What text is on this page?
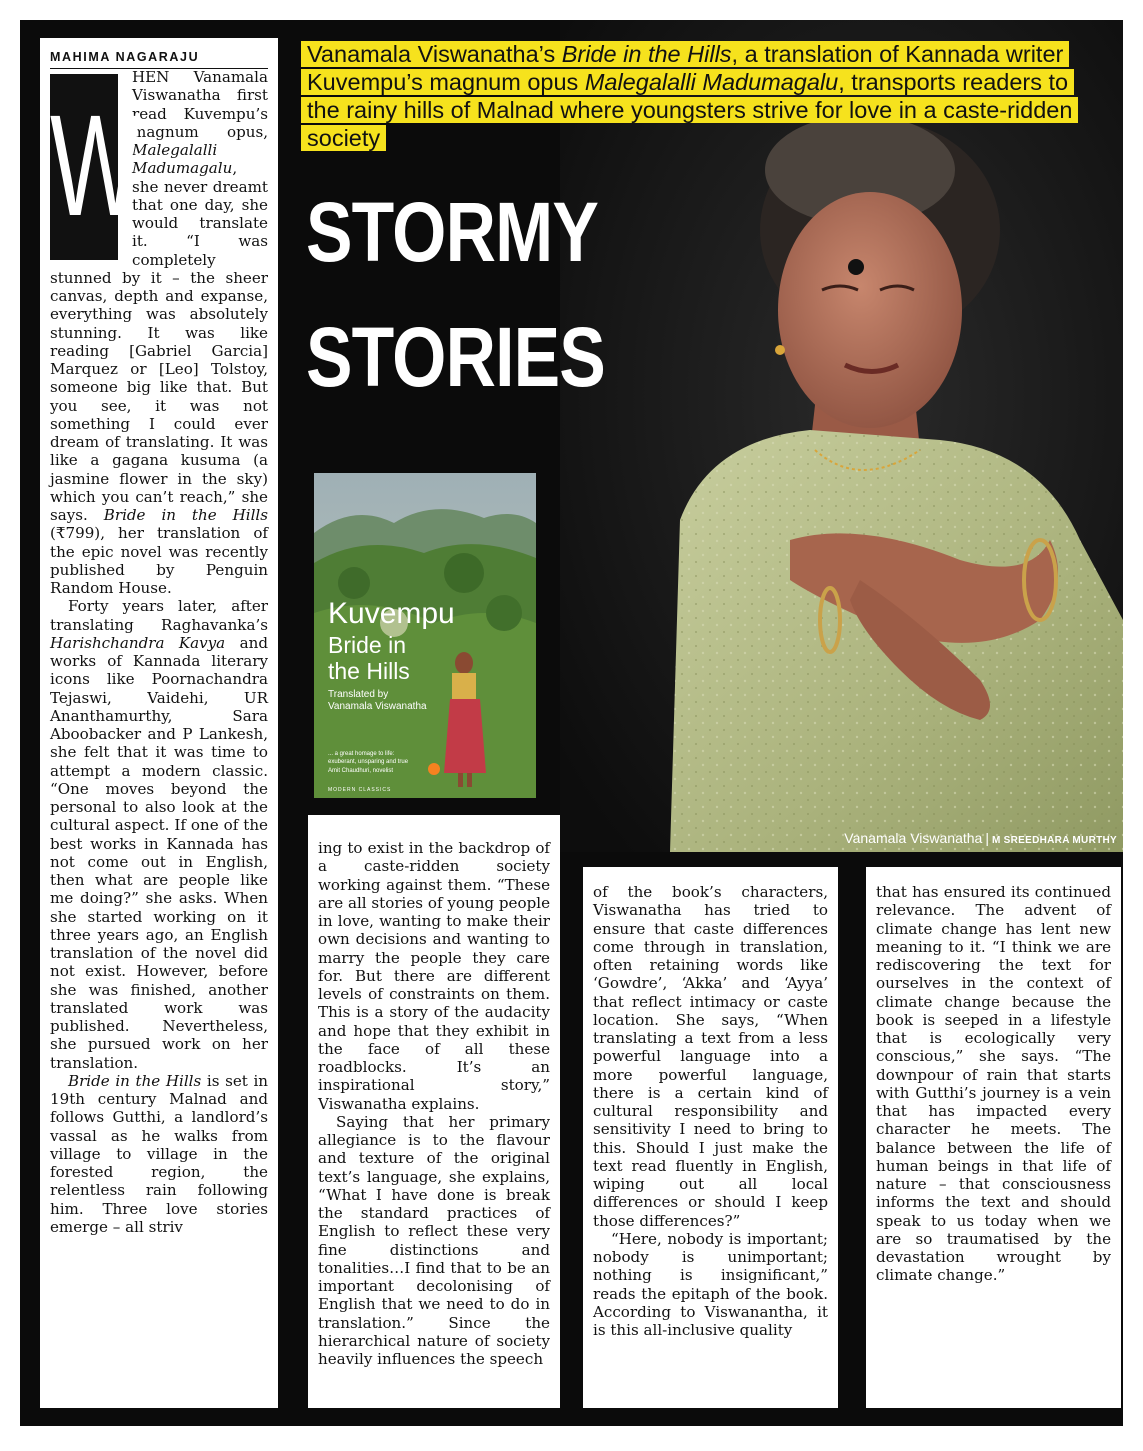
Vanamala Viswanatha | M SREEDHARA MURTHY
Vanamala Viswanatha’s Bride in the Hills, a translation of Kannada writer Kuvempu’s magnum opus Malegalalli Madumagalu, transports readers to the rainy hills of Malnad where youngsters strive for love in a caste-ridden society
STORMY
STORIES
Kuvempu
Bride in
the Hills
Translated by
Vanamala Viswanatha
... a great homage to life:
exuberant, unsparing and true
Amit Chaudhuri, novelist
MODERN CLASSICS
MAHIMA NAGARAJU

W
HEN Vanamala Viswanatha first read Kuvempu’s magnum opus, Malegalalli Madumagalu, she never dreamt that one day, she would translate it. “I was completely stunned by it – the sheer canvas, depth and expanse, everything was absolutely stunning. It was like reading [Gabriel Garcia] Marquez or [Leo] Tolstoy, someone big like that. But you see, it was not something I could ever dream of translating. It was like a gagana kusuma (a jasmine flower in the sky) which you can’t reach,” she says. Bride in the Hills (₹799), her translation of the epic novel was recently published by Penguin Random House.

Forty years later, after translating Raghavanka’s Harishchandra Kavya and works of Kannada literary icons like Poornachandra Tejaswi, Vaidehi, UR Ananthamurthy, Sara Aboobacker and P Lankesh, she felt that it was time to attempt a modern classic. “One moves beyond the personal to also look at the cultural aspect. If one of the best works in Kannada has not come out in English, then what are people like me doing?” she asks. When she started working on it three years ago, an English translation of the novel did not exist. However, before she was finished, another translated work was published. Nevertheless, she pursued work on her translation.

Bride in the Hills is set in 19th century Malnad and follows Gutthi, a landlord’s vassal as he walks from village to village in the forested region, the relentless rain following him. Three love stories emerge – all striv

ing to exist in the backdrop of a caste-ridden society working against them. “These are all stories of young people in love, wanting to make their own decisions and wanting to marry the people they care for. But there are different levels of constraints on them. This is a story of the audacity and hope that they exhibit in the face of all these roadblocks. It’s an inspirational story,” Viswanatha explains.

Saying that her primary allegiance is to the flavour and texture of the original text’s language, she explains, “What I have done is break the standard practices of English to reflect these very fine distinctions and tonalities…I find that to be an important decolonising of English that we need to do in translation.” Since the hierarchical nature of society heavily influences the speech

of the book’s characters, Viswanatha has tried to ensure that caste differences come through in translation, often retaining words like ‘Gowdre’, ‘Akka’ and ‘Ayya’ that reflect intimacy or caste location. She says, “When translating a text from a less powerful language into a more powerful language, there is a certain kind of cultural responsibility and sensitivity I need to bring to this. Should I just make the text read fluently in English, wiping out all local differences or should I keep those differences?”

“Here, nobody is important; nobody is unimportant; nothing is insignificant,” reads the epitaph of the book. According to Viswanantha, it is this all-inclusive quality

that has ensured its continued relevance. The advent of climate change has lent new meaning to it. “I think we are rediscovering the text for ourselves in the context of climate change because the book is seeped in a lifestyle that is ecologically very conscious,” she says. “The downpour of rain that starts with Gutthi’s journey is a vein that has impacted every character he meets. The balance between the life of human beings in that life of nature – that consciousness informs the text and should speak to us today when we are so traumatised by the devastation wrought by climate change.”
